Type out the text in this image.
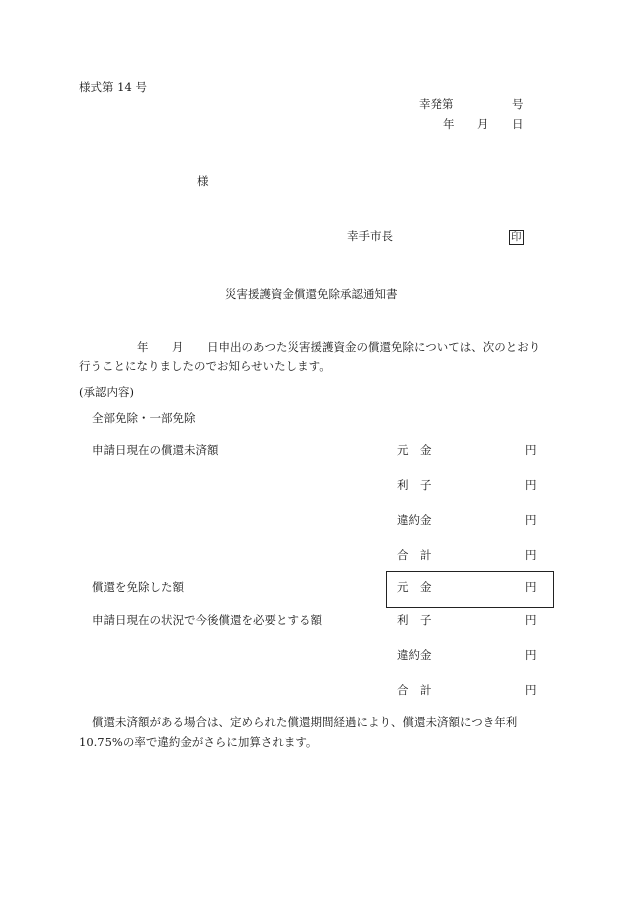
様式第 14 号
幸発第	号
年 月 日
様
幸手市長	印
災害援護資金償還免除承認通知書
年 月 日申出のあつた災害援護資金の償還免除については、次のとおり
行うことになりましたのでお知らせいたします。
(承認内容)
全部免除・一部免除
申請日現在の償還未済額	元　金	円
利　子	円
違約金	円
合　計	円
償還を免除した額	元　金	円
申請日現在の状況で今後償還を必要とする額	利　子	円
違約金	円
合　計	円
償還未済額がある場合は、定められた償還期間経過により、償還未済額につき年利
10.75%の率で違約金がさらに加算されます。
